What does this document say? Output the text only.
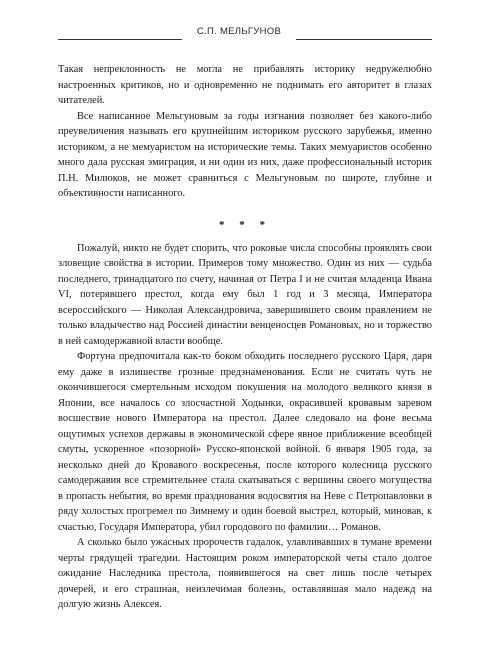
С.П. МЕЛЬГУНОВ

Такая непреклонность не могла не прибавлять историку недружелюбно настроенных критиков, но и одновременно не поднимать его авторитет в глазах читателей.

Все написанное Мельгуновым за годы изгнания позволяет без какого-либо преувеличения называть его крупнейшим историком русского зарубежья, именно историком, а не мемуаристом на исторические темы. Таких мемуаристов особенно много дала русская эмиграция, и ни один из них, даже профессиональный историк П.Н. Милюков, не может сравниться с Мельгуновым по широте, глубине и объективности написанного.

* * *

Пожалуй, никто не будет спорить, что роковые числа способны проявлять свои зловещие свойства в истории. Примеров тому множество. Один из них — судьба последнего, тринадцатого по счету, начиная от Петра I и не считая младенца Ивана VI, потерявшего престол, когда ему был 1 год и 3 месяца, Императора всероссийского — Николая Александровича, завершившего своим правлением не только владычество над Россией династии венценосцев Романовых, но и торжество в ней самодержавной власти вообще.

Фортуна предпочитала как-то боком обходить последнего русского Царя, даря ему даже в излишестве грозные предзнаменования. Если не считать чуть не окончившегося смертельным исходом покушения на молодого великого князя в Японии, все началось со злосчастной Ходынки, окрасившей кровавым заревом восшествие нового Императора на престол. Далее следовало на фоне весьма ощутимых успехов державы в экономической сфере явное приближение всеобщей смуты, ускоренное «позорной» Русско-японской войной. 6 января 1905 года, за несколько дней до Кровавого воскресенья, после которого колесница русского самодержавия все стремительнее стала скатываться с вершины своего могущества в пропасть небытия, во время празднования водосвятия на Неве с Петропавловки в ряду холостых прогремел по Зимнему и один боевой выстрел, который, миновав, к счастью, Государя Императора, убил городового по фамилии… Романов.

А сколько было ужасных пророчеств гадалок, улавливавших в тумане времени черты грядущей трагедии. Настоящим роком императорской четы стало долгое ожидание Наследника престола, появившегося на свет лишь после четырех дочерей, и его страшная, неизлечимая болезнь, оставлявшая мало надежд на долгую жизнь Алексея.
